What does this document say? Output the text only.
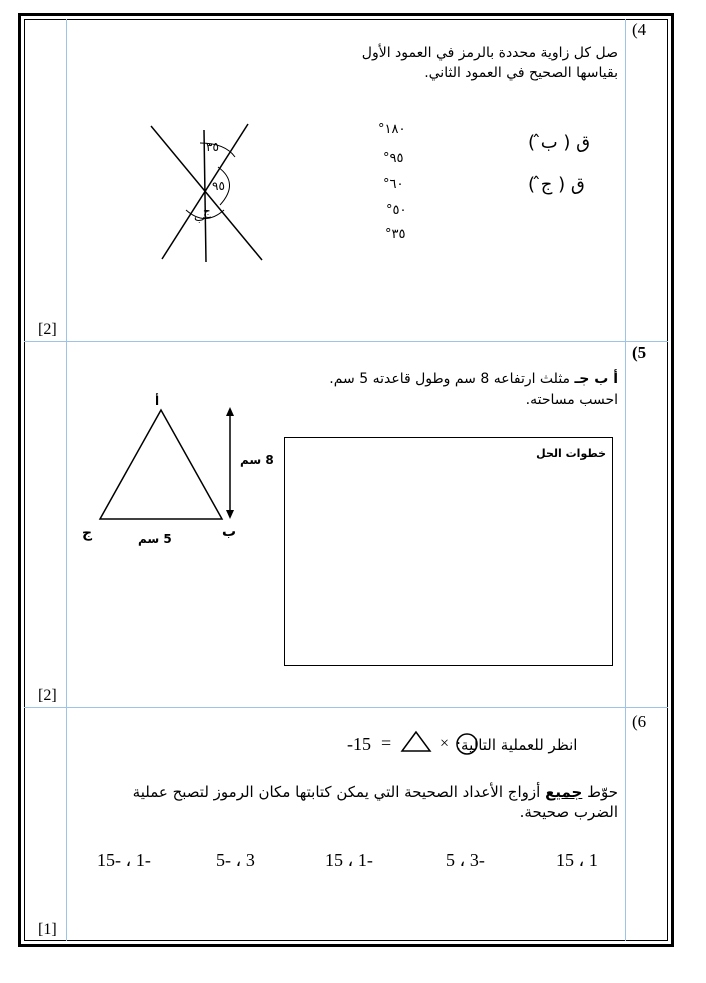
(4
صل كل زاوية محددة بالرمز في العمود الأول
بقياسها الصحيح في العمود الثاني.
٣٥
٩٥
ج
ب
١٨٠°
٩٥°
٦٠°
٥٠°
٣٥°
ق ( ب̂ )
ق ( ج̂ )
[2]
(5
أ ب جـ مثلث ارتفاعه 8 سم وطول قاعدته 5 سم.
احسب مساحته.
أ
ب
ج
8 سم
5 سم
خطوات الحل
[2]
(6
انظر للعملية التالية:
×
=
-15
حوّط جميع أزواج الأعداد الصحيحة التي يمكن كتابتها مكان الرموز لتصبح عملية الضرب صحيحة.
1 ، 15
-3 ، 5
-1 ، 15
3 ، -5
-1 ، -15
[1]
